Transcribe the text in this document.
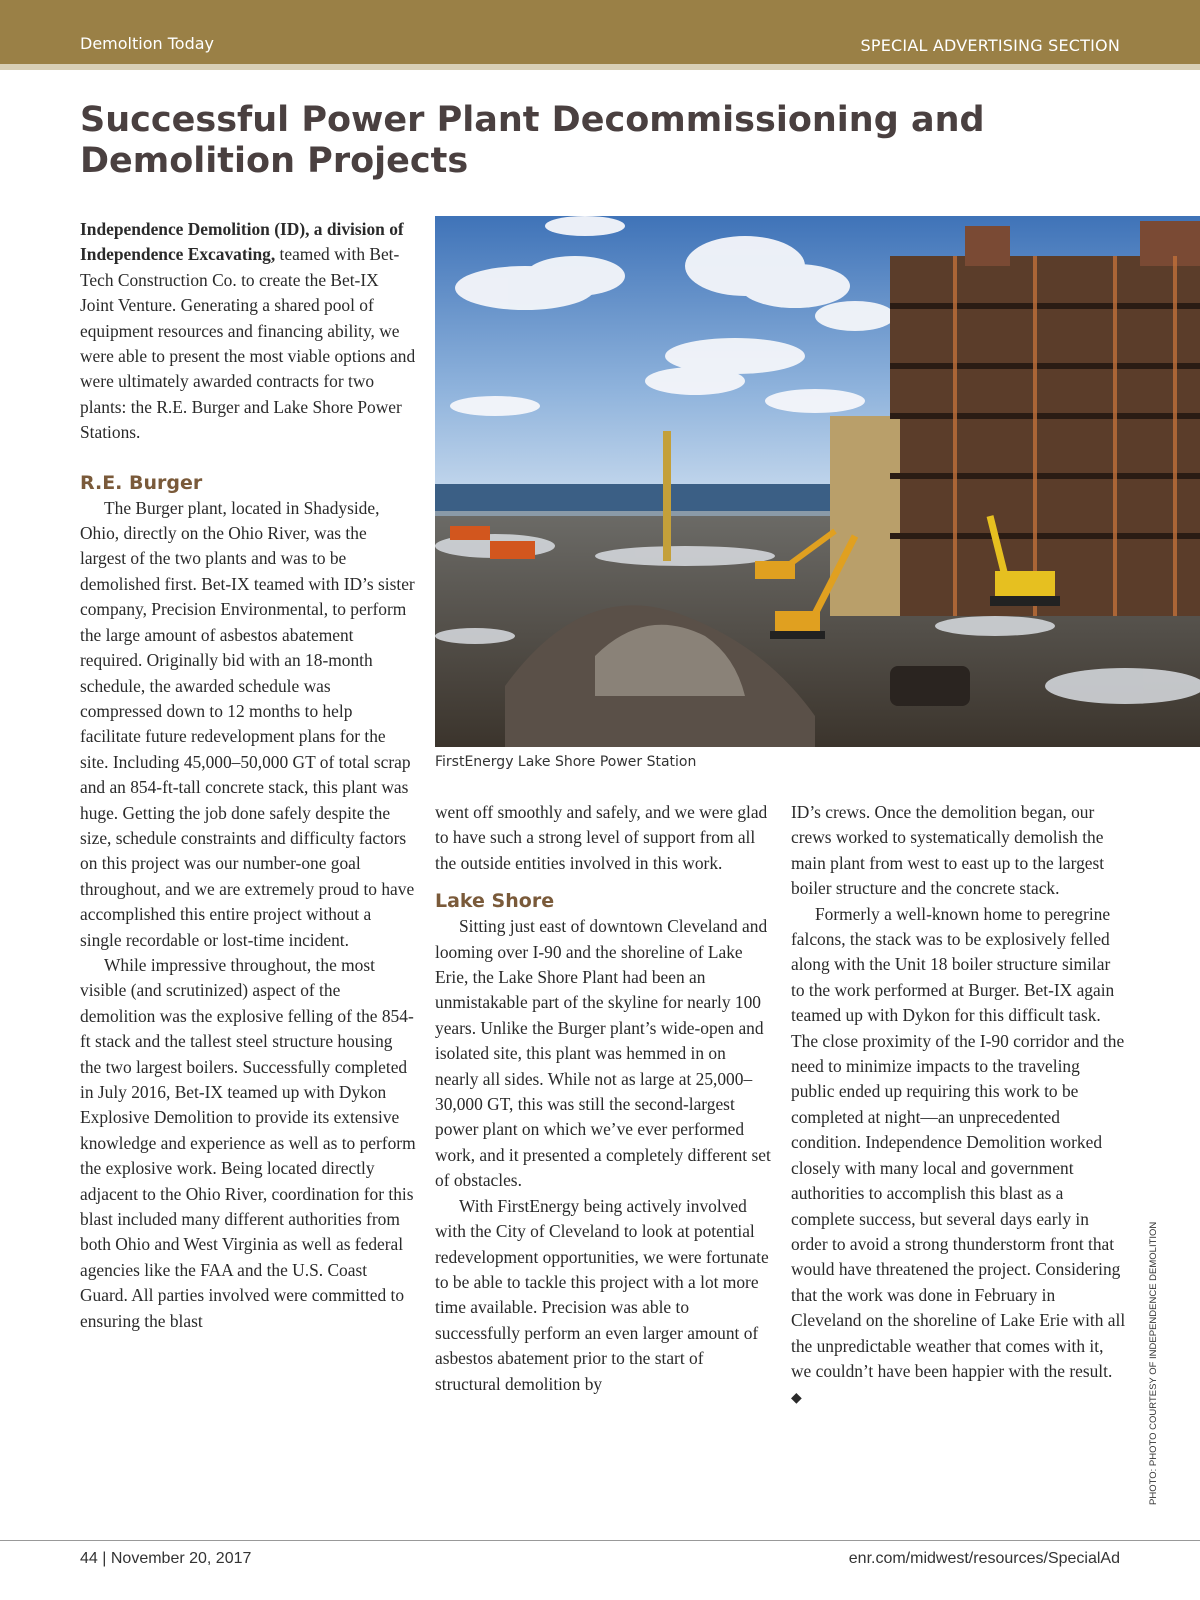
Demoltion Today	SPECIAL ADVERTISING SECTION
Successful Power Plant Decommissioning and
Demolition Projects

Independence Demolition (ID), a division of Independence Excavating, teamed with Bet-Tech Construction Co. to create the Bet-IX Joint Venture. Generating a shared pool of equipment resources and financing ability, we were able to present the most viable options and were ultimately awarded contracts for two plants: the R.E. Burger and Lake Shore Power Stations.

R.E. Burger

The Burger plant, located in Shadyside, Ohio, directly on the Ohio River, was the largest of the two plants and was to be demolished first. Bet-IX teamed with ID’s sister company, Precision Environmental, to perform the large amount of asbestos abatement required. Originally bid with an 18-month schedule, the awarded schedule was compressed down to 12 months to help facilitate future redevelopment plans for the site. Including 45,000–50,000 GT of total scrap and an 854-ft-tall concrete stack, this plant was huge. Getting the job done safely despite the size, schedule constraints and difficulty factors on this project was our number-one goal throughout, and we are extremely proud to have accomplished this entire project without a single recordable or lost-time incident.

While impressive throughout, the most visible (and scrutinized) aspect of the demolition was the explosive felling of the 854-ft stack and the tallest steel structure housing the two largest boilers. Successfully completed in July 2016, Bet-IX teamed up with Dykon Explosive Demolition to provide its extensive knowledge and experience as well as to perform the explosive work. Being located directly adjacent to the Ohio River, coordination for this blast included many different authorities from both Ohio and West Virginia as well as federal agencies like the FAA and the U.S. Coast Guard. All parties involved were committed to ensuring the blast

FirstEnergy Lake Shore Power Station
PHOTO: PHOTO COURTESY OF INDEPENDENCE DEMOLITION

went off smoothly and safely, and we were glad to have such a strong level of support from all the outside entities involved in this work.

Lake Shore

Sitting just east of downtown Cleveland and looming over I-90 and the shoreline of Lake Erie, the Lake Shore Plant had been an unmistakable part of the skyline for nearly 100 years. Unlike the Burger plant’s wide-open and isolated site, this plant was hemmed in on nearly all sides. While not as large at 25,000–30,000 GT, this was still the second-largest power plant on which we’ve ever performed work, and it presented a completely different set of obstacles.

With FirstEnergy being actively involved with the City of Cleveland to look at potential redevelopment opportunities, we were fortunate to be able to tackle this project with a lot more time available. Precision was able to successfully perform an even larger amount of asbestos abatement prior to the start of structural demolition by

ID’s crews. Once the demolition began, our crews worked to systematically demolish the main plant from west to east up to the largest boiler structure and the concrete stack.

Formerly a well-known home to peregrine falcons, the stack was to be explosively felled along with the Unit 18 boiler structure similar to the work performed at Burger. Bet-IX again teamed up with Dykon for this difficult task. The close proximity of the I-90 corridor and the need to minimize impacts to the traveling public ended up requiring this work to be completed at night—an unprecedented condition. Independence Demolition worked closely with many local and government authorities to accomplish this blast as a complete success, but several days early in order to avoid a strong thunderstorm front that would have threatened the project. Considering that the work was done in February in Cleveland on the shoreline of Lake Erie with all the unpredictable weather that comes with it, we couldn’t have been happier with the result. ◆

44 | November 20, 2017	enr.com/midwest/resources/SpecialAd
